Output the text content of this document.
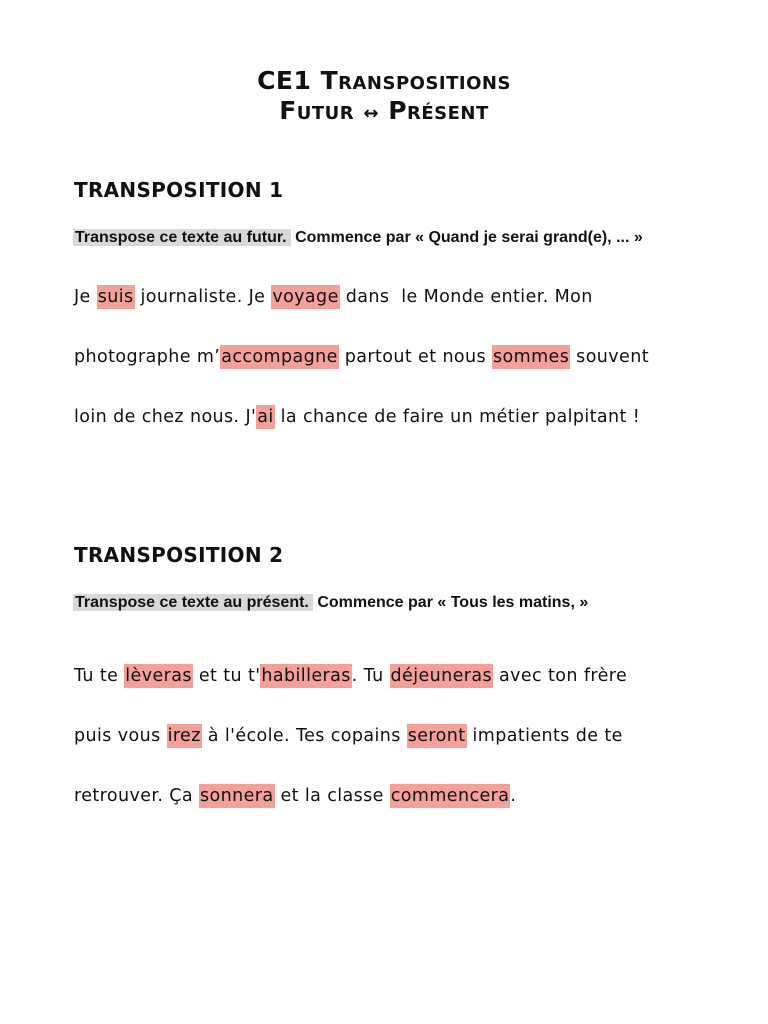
CE1 Transpositions
Futur ↔ Présent
TRANSPOSITION 1
Transpose ce texte au futur. Commence par « Quand je serai grand(e), ... »
Je suis journaliste. Je voyage dans  le Monde entier. Mon
photographe m’accompagne partout et nous sommes souvent
loin de chez nous. J'ai la chance de faire un métier palpitant !
TRANSPOSITION 2
Transpose ce texte au présent. Commence par « Tous les matins, »
Tu te lèveras et tu t'habilleras. Tu déjeuneras avec ton frère
puis vous irez à l'école. Tes copains seront impatients de te
retrouver. Ça sonnera et la classe commencera.
